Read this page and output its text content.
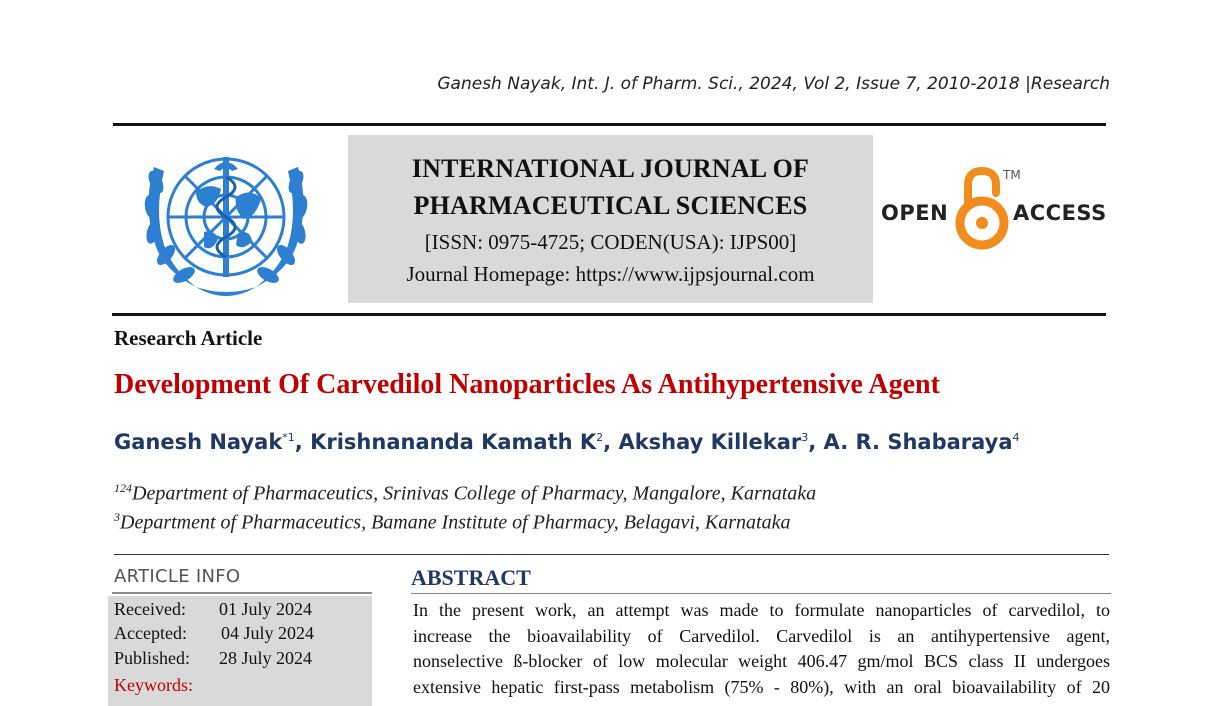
Ganesh Nayak, Int. J. of Pharm. Sci., 2024, Vol 2, Issue 7, 2010-2018 |Research
INTERNATIONAL JOURNAL OF
PHARMACEUTICAL SCIENCES
[ISSN: 0975-4725; CODEN(USA): IJPS00]
Journal Homepage: https://www.ijpsjournal.com
OPEN
TM
ACCESS
Research Article
Development Of Carvedilol Nanoparticles As Antihypertensive Agent
Ganesh Nayak$^{*1}$, Krishnananda Kamath $K^2$, Akshay Killekar$^3$, A. R. Shabaraya$^4$
$^{124}$Department of Pharmaceutics, Srinivas College of Pharmacy, Mangalore, Karnataka
$^3$Department of Pharmaceutics, Bamane Institute of Pharmacy, Belagavi, Karnataka
ARTICLE INFO
Received: 01 July 2024
Accepted: 04 July 2024
Published: 28 July 2024
Keywords:
ABSTRACT
In the present work, an attempt was made to formulate nanoparticles of carvedilol, to
increase the bioavailability of Carvedilol. Carvedilol is an antihypertensive agent,
nonselective ß-blocker of low molecular weight 406.47 gm/mol BCS class II undergoes
extensive hepatic first-pass metabolism (75% - 80%), with an oral bioavailability of 20
